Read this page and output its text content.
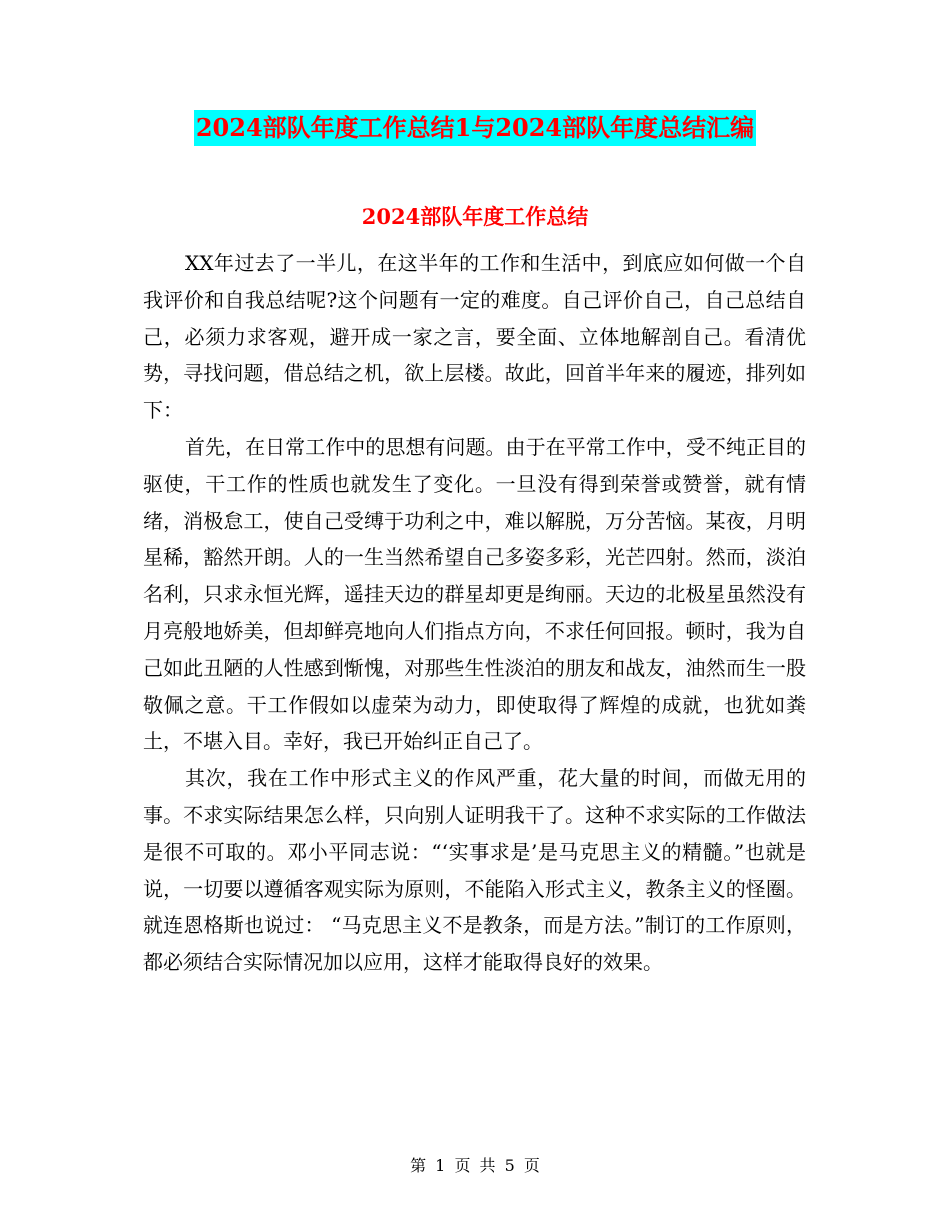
2024部队年度工作总结1与2024部队年度总结汇编
2024部队年度工作总结

XX年过去了一半儿，在这半年的工作和生活中，到底应如何做一个自我评价和自我总结呢?这个问题有一定的难度。自己评价自己，自己总结自己，必须力求客观，避开成一家之言，要全面、立体地解剖自己。看清优势，寻找问题，借总结之机，欲上层楼。故此，回首半年来的履迹，排列如下：

首先，在日常工作中的思想有问题。由于在平常工作中，受不纯正目的驱使，干工作的性质也就发生了变化。一旦没有得到荣誉或赞誉，就有情绪，消极怠工，使自己受缚于功利之中，难以解脱，万分苦恼。某夜，月明星稀，豁然开朗。人的一生当然希望自己多姿多彩，光芒四射。然而，淡泊名利，只求永恒光辉，遥挂天边的群星却更是绚丽。天边的北极星虽然没有月亮般地娇美，但却鲜亮地向人们指点方向，不求任何回报。顿时，我为自己如此丑陋的人性感到惭愧，对那些生性淡泊的朋友和战友，油然而生一股敬佩之意。干工作假如以虚荣为动力，即使取得了辉煌的成就，也犹如粪土，不堪入目。幸好，我已开始纠正自己了。

其次，我在工作中形式主义的作风严重，花大量的时间，而做无用的事。不求实际结果怎么样，只向别人证明我干了。这种不求实际的工作做法是很不可取的。邓小平同志说：“‘实事求是’是马克思主义的精髓。”也就是说，一切要以遵循客观实际为原则，不能陷入形式主义，教条主义的怪圈。就连恩格斯也说过： “马克思主义不是教条，而是方法。”制订的工作原则，都必须结合实际情况加以应用，这样才能取得良好的效果。

第 1 页 共 5 页
